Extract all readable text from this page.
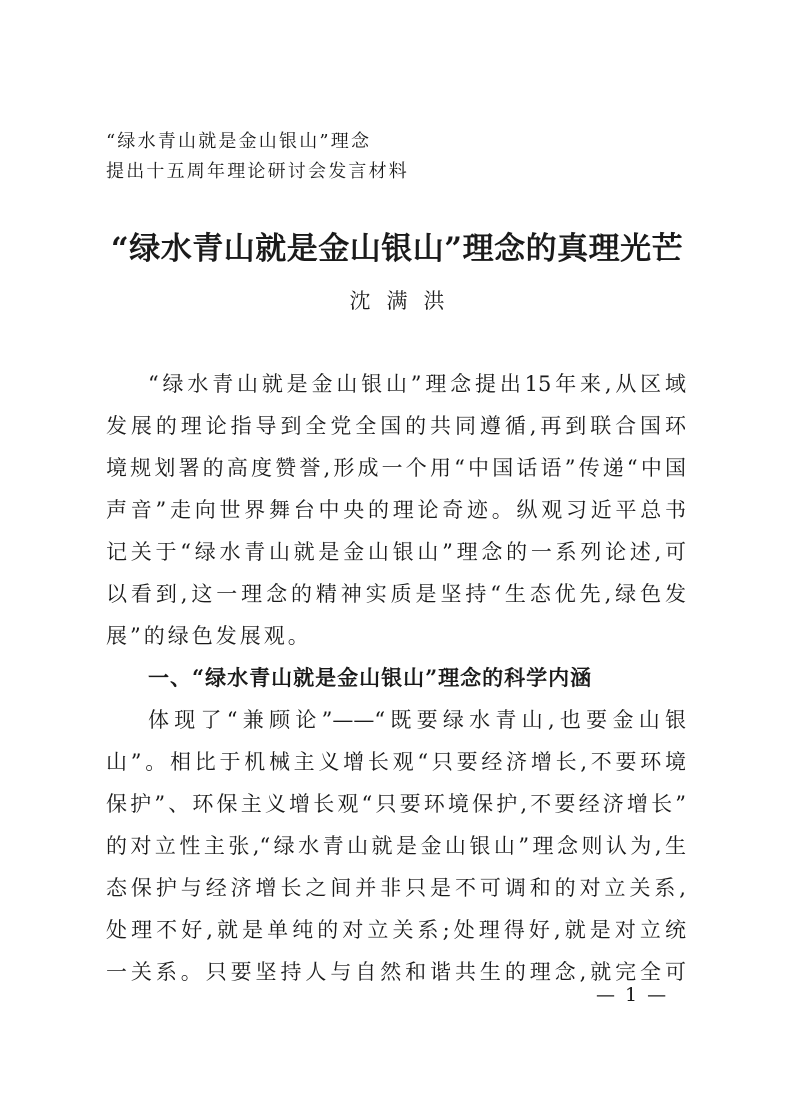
“绿水青山就是金山银山”理念
提出十五周年理论研讨会发言材料
“绿水青山就是金山银山”理念的真理光芒
沈满洪
“绿水青山就是金山银山”理念提出15年来,从区域
发展的理论指导到全党全国的共同遵循,再到联合国环
境规划署的高度赞誉,形成一个用“中国话语”传递“中国
声音”走向世界舞台中央的理论奇迹。纵观习近平总书
记关于“绿水青山就是金山银山”理念的一系列论述,可
以看到,这一理念的精神实质是坚持“生态优先,绿色发
展”的绿色发展观。
一、“绿水青山就是金山银山”理念的科学内涵
体现了“兼顾论”——“既要绿水青山,也要金山银
山”。相比于机械主义增长观“只要经济增长,不要环境
保护”、环保主义增长观“只要环境保护,不要经济增长”
的对立性主张,“绿水青山就是金山银山”理念则认为,生
态保护与经济增长之间并非只是不可调和的对立关系,
处理不好,就是单纯的对立关系;处理得好,就是对立统
一关系。只要坚持人与自然和谐共生的理念,就完全可
— 1 —
